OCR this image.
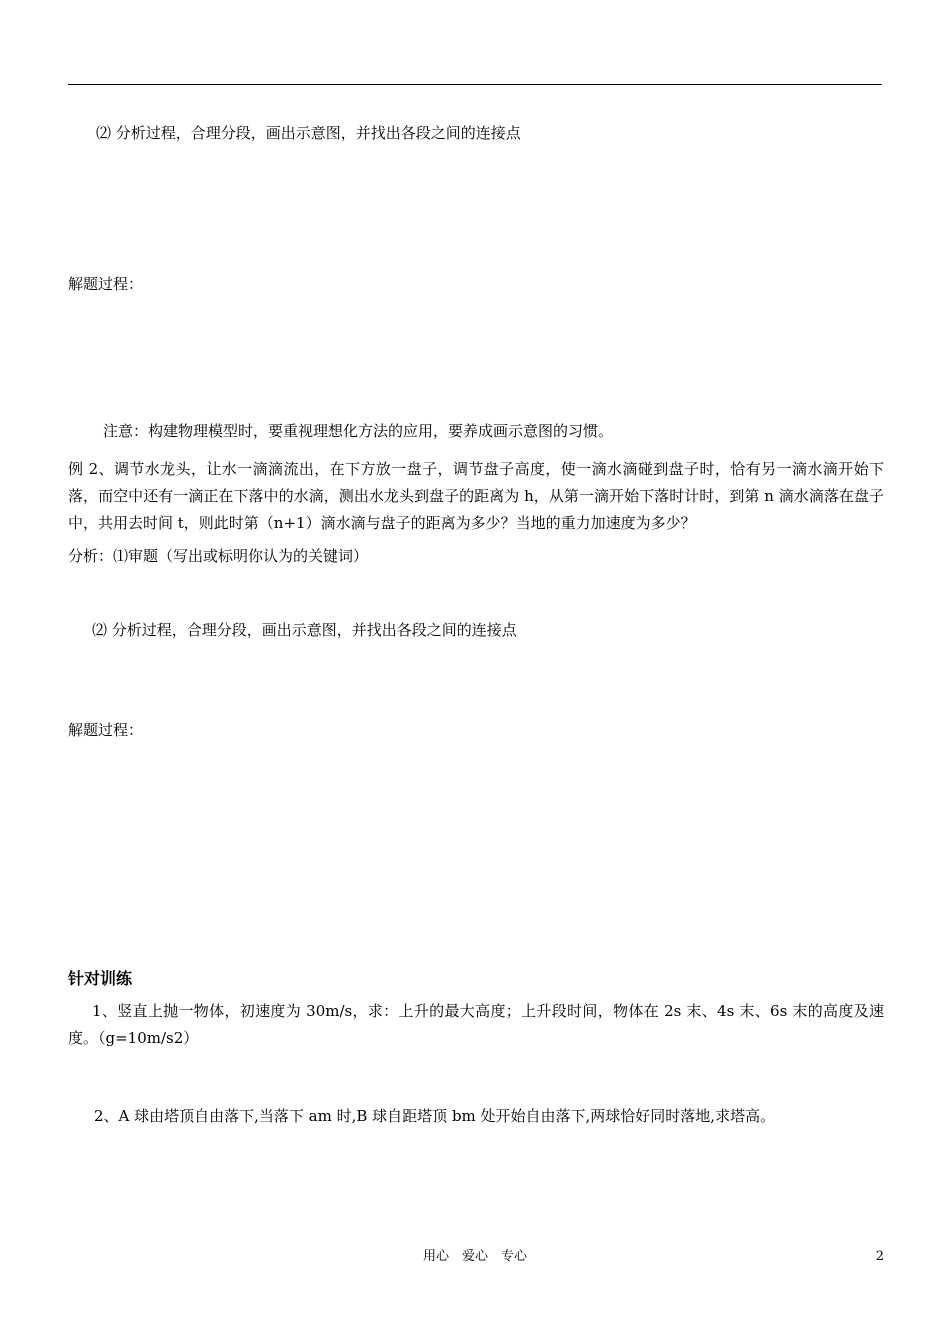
⑵ 分析过程，合理分段，画出示意图，并找出各段之间的连接点
解题过程：
注意：构建物理模型时，要重视理想化方法的应用，要养成画示意图的习惯。
例 2、调节水龙头，让水一滴滴流出，在下方放一盘子，调节盘子高度，使一滴水滴碰到盘子时，恰有另一滴水滴开始下落，而空中还有一滴正在下落中的水滴，测出水龙头到盘子的距离为 h，从第一滴开始下落时计时，到第 n 滴水滴落在盘子中，共用去时间 t，则此时第（n+1）滴水滴与盘子的距离为多少？当地的重力加速度为多少？
分析：⑴审题（写出或标明你认为的关键词）
⑵ 分析过程，合理分段，画出示意图，并找出各段之间的连接点
解题过程：
针对训练
1、竖直上抛一物体，初速度为 30m/s，求：上升的最大高度；上升段时间，物体在 2s 末、4s 末、6s 末的高度及速度。（g=10m/s2）
2、A 球由塔顶自由落下,当落下 am 时,B 球自距塔顶 bm 处开始自由落下,两球恰好同时落地,求塔高。
用心　爱心　专心	2
